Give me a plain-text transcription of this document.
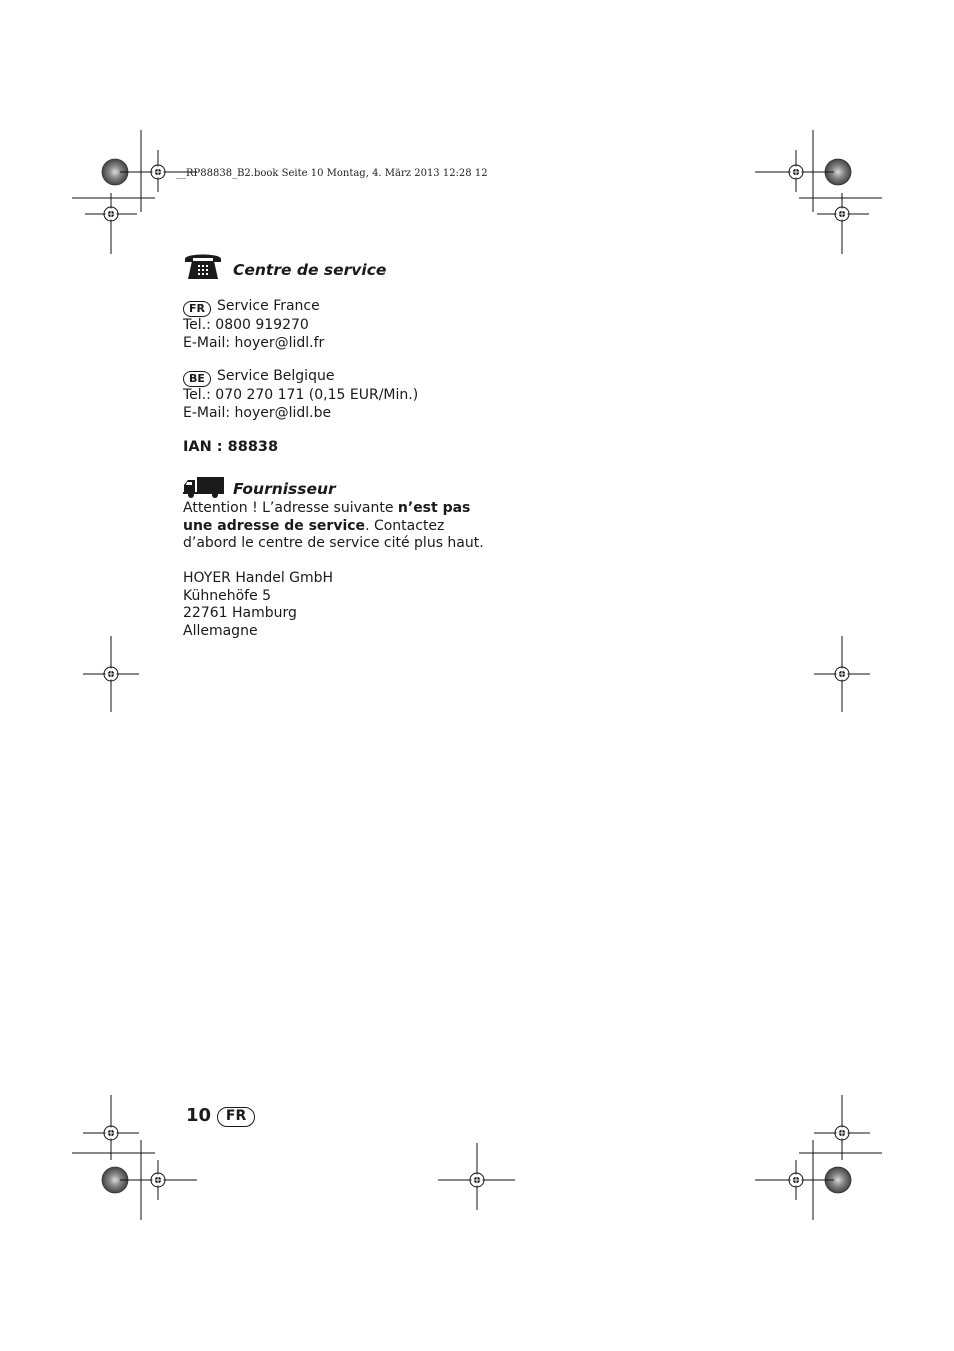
__RP88838_B2.book Seite 10 Montag, 4. März 2013 12:28 12
Centre de service
FR Service France
Tel.: 0800 919270
E-Mail: hoyer@lidl.fr
BE Service Belgique
Tel.: 070 270 171 (0,15 EUR/Min.)
E-Mail: hoyer@lidl.be
IAN : 88838
Fournisseur
Attention ! L’adresse suivante n’est pas
une adresse de service. Contactez
d’abord le centre de service cité plus haut.
HOYER Handel GmbH
Kühnehöfe 5
22761 Hamburg
Allemagne
10 FR
